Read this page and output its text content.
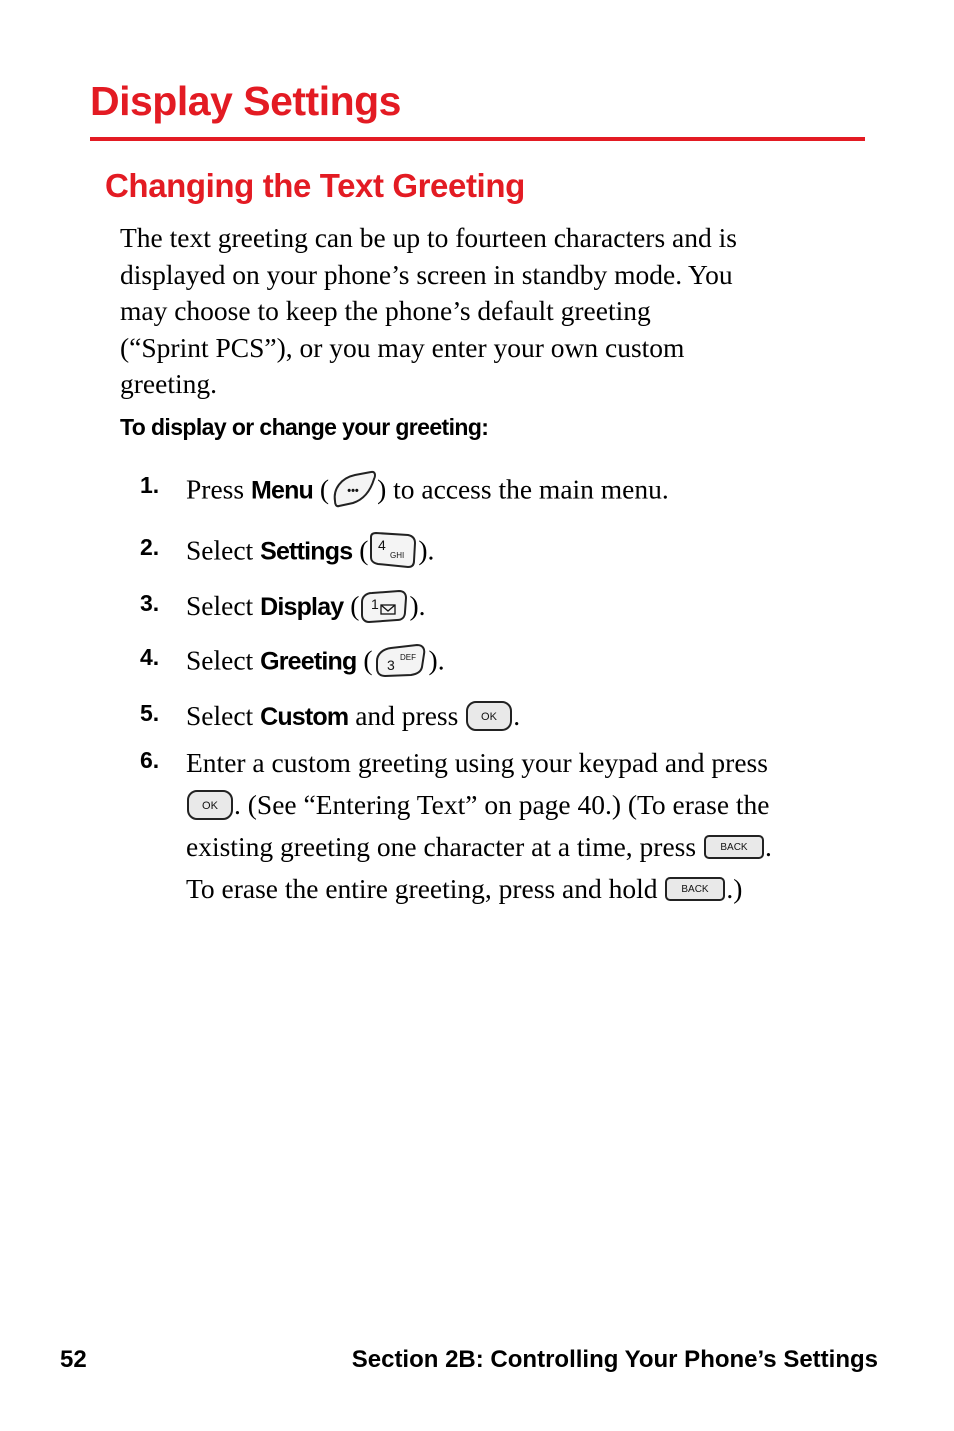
Display Settings
Changing the Text Greeting

The text greeting can be up to fourteen characters and is
displayed on your phone’s screen in standby mode. You
may choose to keep the phone’s default greeting
(“Sprint PCS”), or you may enter your own custom
greeting.

To display or change your greeting:

1. Press Menu ( ••• ) to access the main menu.
2. Select Settings ( 4
GHI ).
3. Select Display ( 1 ).
4. Select Greeting ( 3 DEF ).
5. Select Custom and press OK .
6. Enter a custom greeting using your keypad and press
OK . (See “Entering Text” on page 40.) (To erase the
existing greeting one character at a time, press BACK .
To erase the entire greeting, press and hold BACK .)
52	Section 2B: Controlling Your Phone’s Settings
